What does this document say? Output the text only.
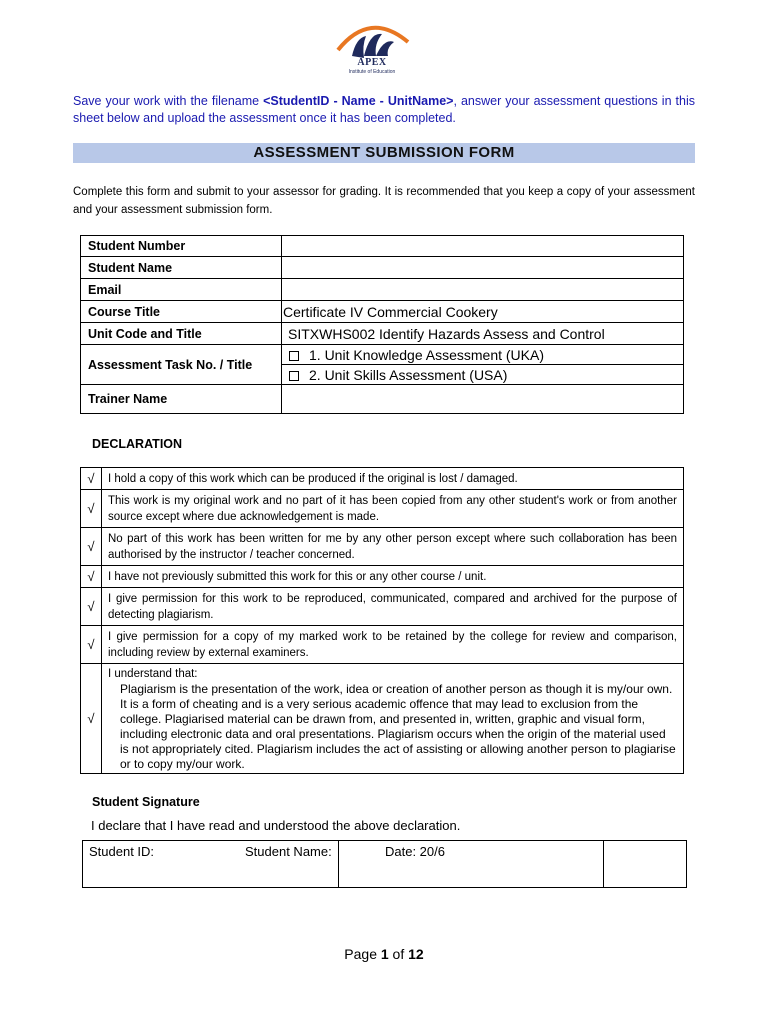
APEX
Institute of Education
Save your work with the filename <StudentID - Name - UnitName>, answer your assessment questions in this sheet below and upload the assessment once it has been completed.
ASSESSMENT SUBMISSION FORM
Complete this form and submit to your assessor for grading. It is recommended that you keep a copy of your assessment and your assessment submission form.
Student Number	
Student Name	
Email	
Course Title	Certificate IV Commercial Cookery
Unit Code and Title	SITXWHS002 Identify Hazards Assess and Control
Assessment Task No. / Title	1. Unit Knowledge Assessment (UKA)
	2. Unit Skills Assessment (USA)
Trainer Name	
DECLARATION
√	I hold a copy of this work which can be produced if the original is lost / damaged.
√	This work is my original work and no part of it has been copied from any other student's work or from another source except where due acknowledgement is made.
√	No part of this work has been written for me by any other person except where such collaboration has been authorised by the instructor / teacher concerned.
√	I have not previously submitted this work for this or any other course / unit.
√	I give permission for this work to be reproduced, communicated, compared and archived for the purpose of detecting plagiarism.
√	I give permission for a copy of my marked work to be retained by the college for review and comparison, including review by external examiners.
√	I understand that:

Plagiarism is the presentation of the work, idea or creation of another person as though it is my/our own. It is a form of cheating and is a very serious academic offence that may lead to exclusion from the college. Plagiarised material can be drawn from, and presented in, written, graphic and visual form, including electronic data and oral presentations. Plagiarism occurs when the origin of the material used is not appropriately cited. Plagiarism includes the act of assisting or allowing another person to plagiarise or to copy my/our work.

Student Signature
I declare that I have read and understood the above declaration.
Student ID:	Student Name:	Date: 20/6	
Page 1 of 12
